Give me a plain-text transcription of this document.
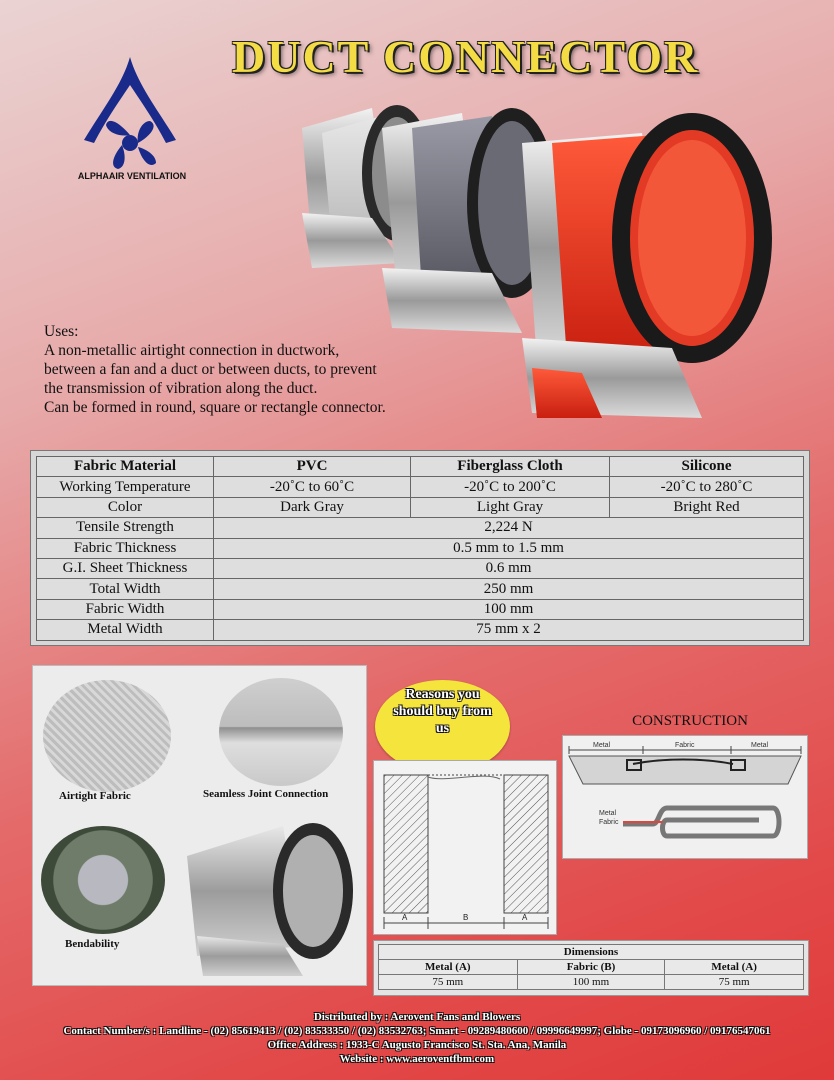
DUCT CONNECTOR
ALPHAAIR VENTILATION
Uses:
A non-metallic airtight connection in ductwork,
between a fan and a duct or between ducts, to prevent
the transmission of vibration along the duct.
Can be formed in round, square or rectangle connector.
Fabric Material	PVC	Fiberglass Cloth	Silicone
Working Temperature	-20˚C to 60˚C	-20˚C to 200˚C	-20˚C to 280˚C
Color	Dark Gray	Light Gray	Bright Red
Tensile Strength	2,224 N		
Fabric Thickness	0.5 mm to 1.5 mm		
G.I. Sheet Thickness	0.6 mm		
Total Width	250 mm		
Fabric Width	100 mm		
Metal Width	75 mm x 2		
Airtight Fabric	Seamless Joint Connection
Bendability
Reasons you
should buy from
us	CONSTRUCTION
Metal	Fabric	Metal
Metal
Fabric
A	B	A
Dimensions		
Metal (A)	Fabric (B)	Metal (A)
75 mm	100 mm	75 mm
Distributed by : Aerovent Fans and Blowers
Contact Number/s : Landline - (02) 85619413 / (02) 83533350 / (02) 83532763; Smart - 09289480600 / 09996649997; Globe - 09173096960 / 09176547061
Office Address : 1933-C Augusto Francisco St. Sta. Ana, Manila
Website : www.aeroventfbm.com
